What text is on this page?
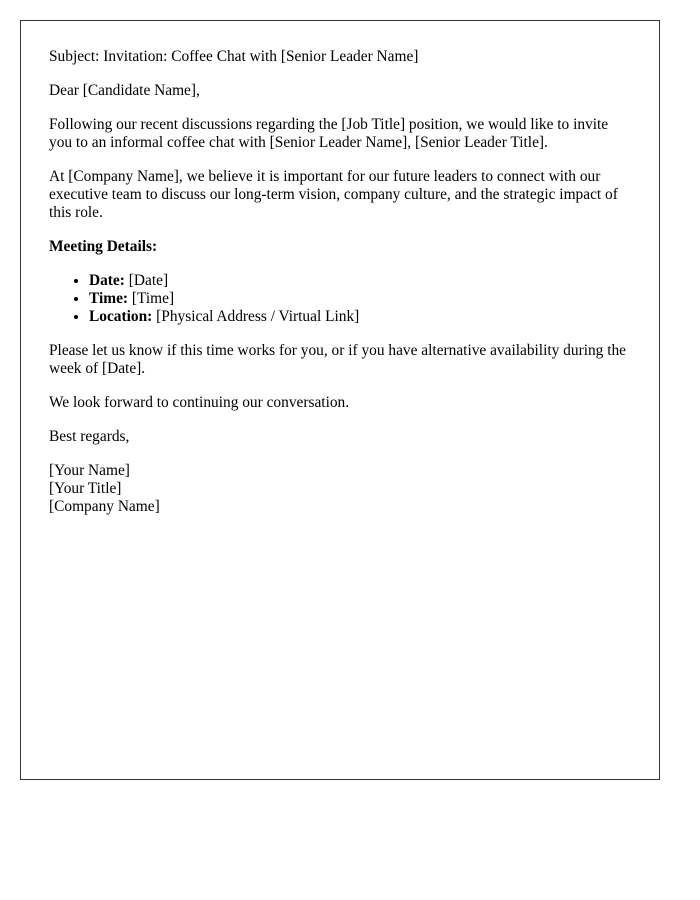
Subject: Invitation: Coffee Chat with [Senior Leader Name]

Dear [Candidate Name],

Following our recent discussions regarding the [Job Title] position, we would like to invite you to an informal coffee chat with [Senior Leader Name], [Senior Leader Title].

At [Company Name], we believe it is important for our future leaders to connect with our executive team to discuss our long-term vision, company culture, and the strategic impact of this role.

Meeting Details:

• Date: [Date]
• Time: [Time]
• Location: [Physical Address / Virtual Link]

Please let us know if this time works for you, or if you have alternative availability during the week of [Date].

We look forward to continuing our conversation.

Best regards,

[Your Name]
[Your Title]
[Company Name]
